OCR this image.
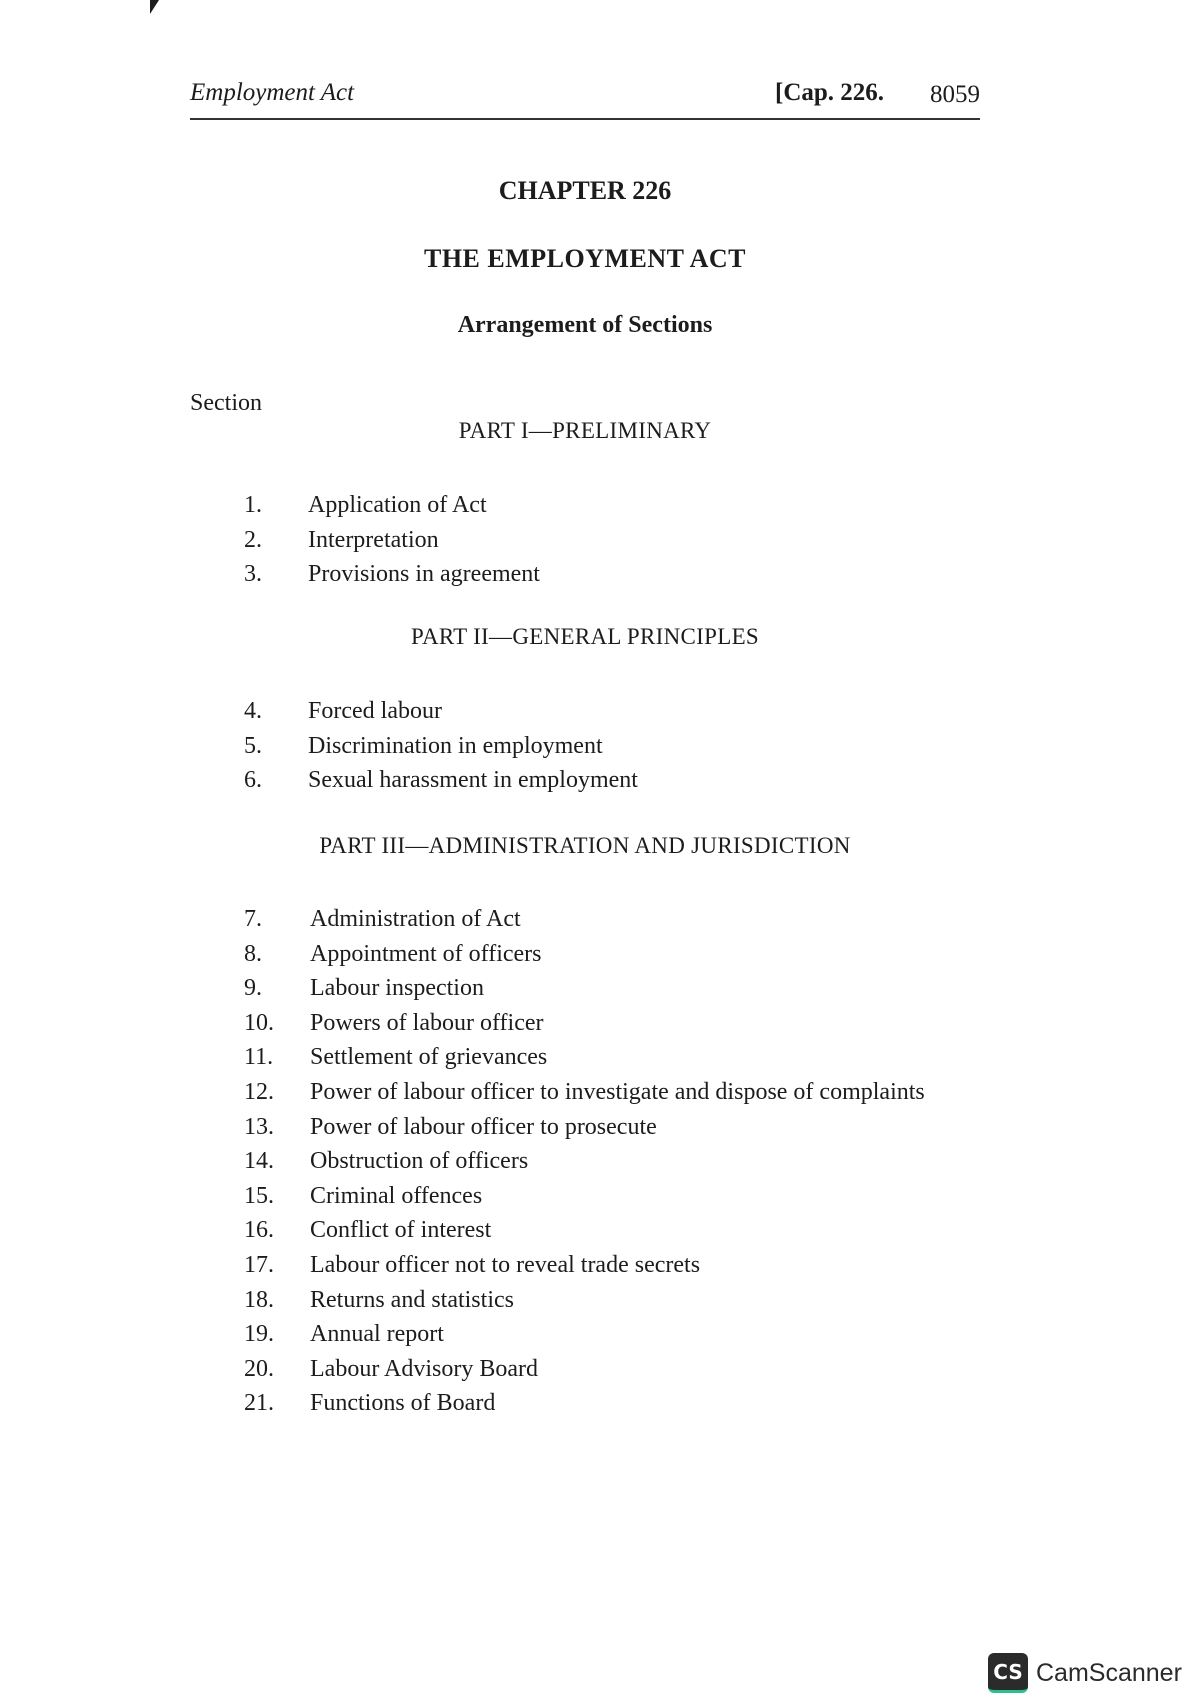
Employment Act	[Cap. 226. 8059
CHAPTER 226
THE EMPLOYMENT ACT
Arrangement of Sections
Section
PART I—PRELIMINARY
1. Application of Act
2. Interpretation
3. Provisions in agreement
PART II—GENERAL PRINCIPLES
4. Forced labour
5. Discrimination in employment
6. Sexual harassment in employment
PART III—ADMINISTRATION AND JURISDICTION
7. Administration of Act
8. Appointment of officers
9. Labour inspection
10. Powers of labour officer
11. Settlement of grievances
12. Power of labour officer to investigate and dispose of complaints
13. Power of labour officer to prosecute
14. Obstruction of officers
15. Criminal offences
16. Conflict of interest
17. Labour officer not to reveal trade secrets
18. Returns and statistics
19. Annual report
20. Labour Advisory Board
21. Functions of Board
CS CamScanner
